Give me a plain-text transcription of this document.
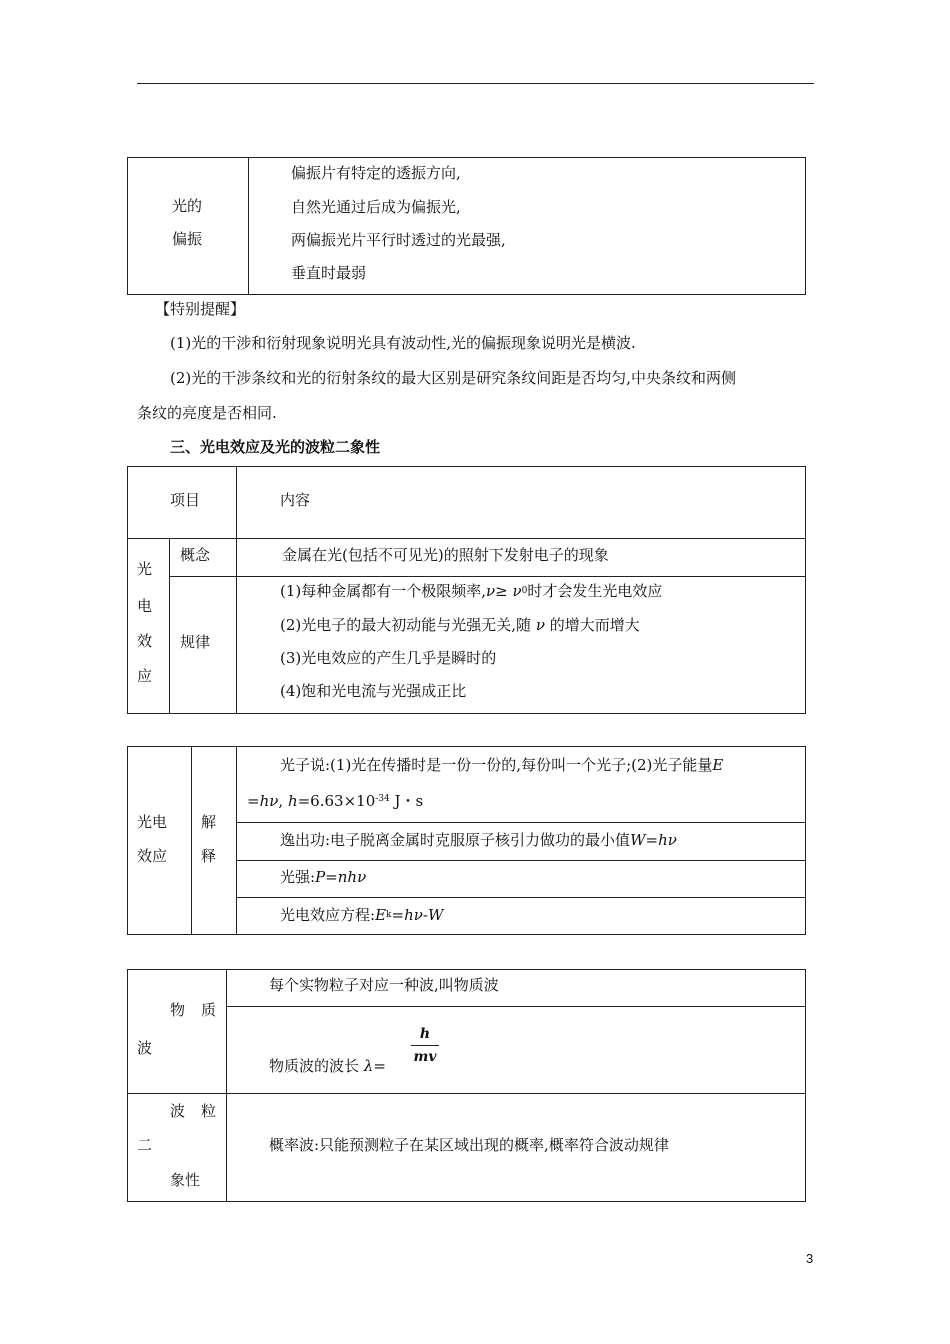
光的
偏振
偏振片有特定的透振方向,
自然光通过后成为偏振光,
两偏振光片平行时透过的光最强,
垂直时最弱
【特别提醒】
(1)光的干涉和衍射现象说明光具有波动性,光的偏振现象说明光是横波.
(2)光的干涉条纹和光的衍射条纹的最大区别是研究条纹间距是否均匀,中央条纹和两侧
条纹的亮度是否相同.
三、光电效应及光的波粒二象性
项目	内容
光
电
效
应
概念	金属在光(包括不可见光)的照射下发射电子的现象
规律
(1)每种金属都有一个极限频率,ν≥ ν0时才会发生光电效应
(2)光电子的最大初动能与光强无关,随 ν 的增大而增大
(3)光电效应的产生几乎是瞬时的
(4)饱和光电流与光强成正比
光电
效应
解
释
光子说:(1)光在传播时是一份一份的,每份叫一个光子;(2)光子能量E
=hν, $h=6.63\times 10^{-34}$ J・s
逸出功:电子脱离金属时克服原子核引力做功的最小值W=hν
光强:P=nhν
光电效应方程:Ek=hν-W
物 质
波
每个实物粒子对应一种波,叫物质波
物质波的波长 λ=
h
mv
波 粒
二
象性
概率波:只能预测粒子在某区域出现的概率,概率符合波动规律
3
